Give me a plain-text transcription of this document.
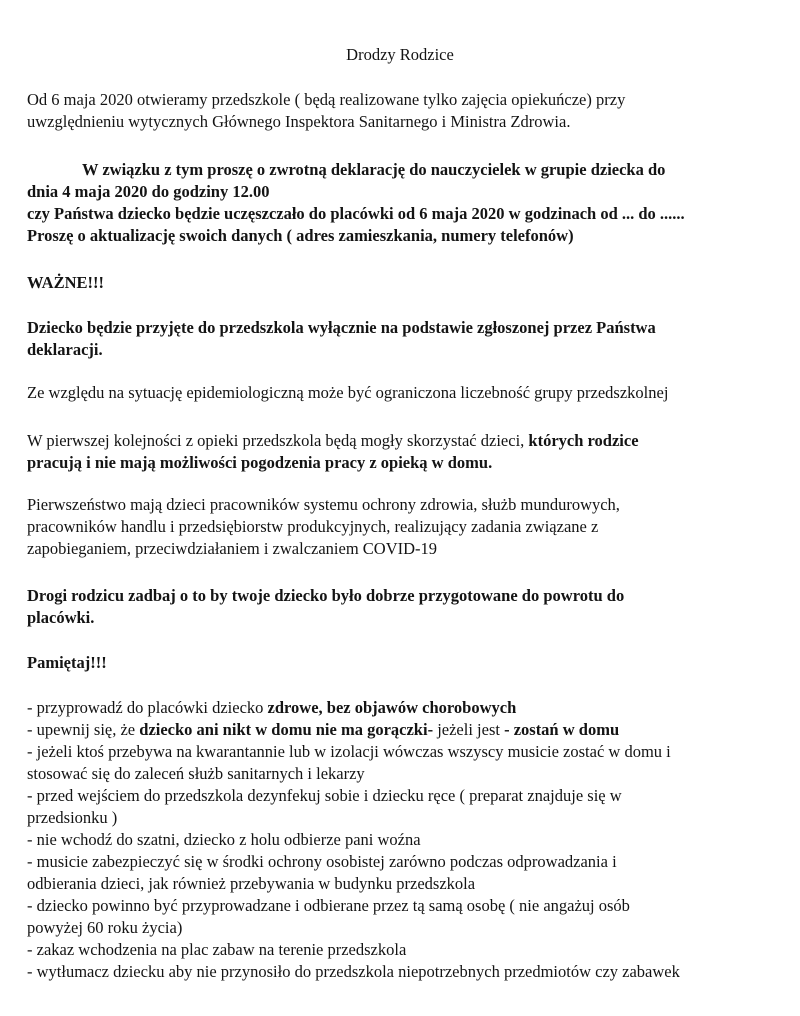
Drodzy Rodzice
Od 6 maja 2020 otwieramy przedszkole ( będą realizowane tylko zajęcia opiekuńcze) przy
uwzględnieniu wytycznych Głównego Inspektora Sanitarnego i Ministra Zdrowia.
W związku z tym proszę o zwrotną deklarację do nauczycielek w grupie dziecka do
dnia 4 maja 2020 do godziny 12.00
czy Państwa dziecko będzie uczęszczało do placówki od 6 maja 2020 w godzinach od ... do ......
Proszę o aktualizację swoich danych ( adres zamieszkania, numery telefonów)
WAŻNE!!!
Dziecko będzie przyjęte do przedszkola wyłącznie na podstawie zgłoszonej przez Państwa
deklaracji.
Ze względu na sytuację epidemiologiczną może być ograniczona liczebność grupy przedszkolnej
W pierwszej kolejności z opieki przedszkola będą mogły skorzystać dzieci, których rodzice
pracują i nie mają możliwości pogodzenia pracy z opieką w domu.
Pierwszeństwo mają dzieci pracowników systemu ochrony zdrowia, służb mundurowych,
pracowników handlu i przedsiębiorstw produkcyjnych, realizujący zadania związane z
zapobieganiem, przeciwdziałaniem i zwalczaniem COVID-19
Drogi rodzicu zadbaj o to by twoje dziecko było dobrze przygotowane do powrotu do
placówki.
Pamiętaj!!!
- przyprowadź do placówki dziecko zdrowe, bez objawów chorobowych
- upewnij się, że dziecko ani nikt w domu nie ma gorączki- jeżeli jest - zostań w domu
- jeżeli ktoś przebywa na kwarantannie lub w izolacji wówczas wszyscy musicie zostać w domu i
stosować się do zaleceń służb sanitarnych i lekarzy
- przed wejściem do przedszkola dezynfekuj sobie i dziecku ręce ( preparat znajduje się w
przedsionku )
- nie wchodź do szatni, dziecko z holu odbierze pani woźna
- musicie zabezpieczyć się w środki ochrony osobistej zarówno podczas odprowadzania i
odbierania dzieci, jak również przebywania w budynku przedszkola
- dziecko powinno być przyprowadzane i odbierane przez tą samą osobę ( nie angażuj osób
powyżej 60 roku życia)
- zakaz wchodzenia na plac zabaw na terenie przedszkola
- wytłumacz dziecku aby nie przynosiło do przedszkola niepotrzebnych przedmiotów czy zabawek
